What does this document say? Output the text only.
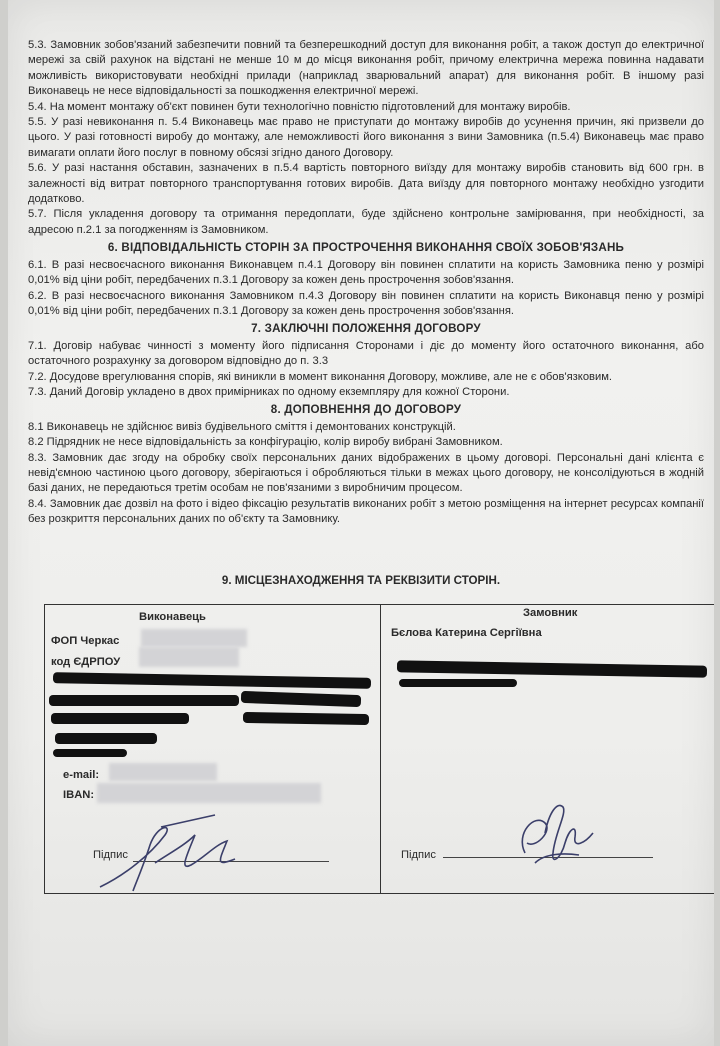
5.3. Замовник зобов'язаний забезпечити повний та безперешкодний доступ для виконання робіт, а також доступ до електричної мережі за свій рахунок на відстані не менше 10 м до місця виконання робіт, причому електрична мережа повинна надавати можливість використовувати необхідні прилади (наприклад зварювальний апарат) для виконання робіт. В іншому разі Виконавець не несе відповідальності за пошкодження електричної мережі.

5.4. На момент монтажу об'єкт повинен бути технологічно повністю підготовлений для монтажу виробів.

5.5. У разі невиконання п. 5.4 Виконавець має право не приступати до монтажу виробів до усунення причин, які призвели до цього. У разі готовності виробу до монтажу, але неможливості його виконання з вини Замовника (п.5.4) Виконавець має право вимагати оплати його послуг в повному обсязі згідно даного Договору.

5.6. У разі настання обставин, зазначених в п.5.4 вартість повторного виїзду для монтажу виробів становить від 600 грн. в залежності від витрат повторного транспортування готових виробів. Дата виїзду для повторного монтажу необхідно узгодити додатково.

5.7. Після укладення договору та отримання передоплати, буде здійснено контрольне замірювання, при необхідності, за адресою п.2.1 за погодженням із Замовником.

6. ВІДПОВІДАЛЬНІСТЬ СТОРІН ЗА ПРОСТРОЧЕННЯ ВИКОНАННЯ СВОЇХ ЗОБОВ'ЯЗАНЬ

6.1. В разі несвоєчасного виконання Виконавцем п.4.1 Договору він повинен сплатити на користь Замовника пеню у розмірі 0,01% від ціни робіт, передбачених п.3.1 Договору за кожен день прострочення зобов'язання.

6.2. В разі несвоєчасного виконання Замовником п.4.3 Договору він повинен сплатити на користь Виконавця пеню у розмірі 0,01% від ціни робіт, передбачених п.3.1 Договору за кожен день прострочення зобов'язання.

7. ЗАКЛЮЧНІ ПОЛОЖЕННЯ ДОГОВОРУ

7.1. Договір набуває чинності з моменту його підписання Сторонами і діє до моменту його остаточного виконання, або остаточного розрахунку за договором відповідно до п. 3.3

7.2. Досудове врегулювання спорів, які виникли в момент виконання Договору, можливе, але не є обов'язковим.

7.3. Даний Договір укладено в двох примірниках по одному екземпляру для кожної Сторони.

8. ДОПОВНЕННЯ ДО ДОГОВОРУ

8.1 Виконавець не здійснює вивіз будівельного сміття і демонтованих конструкцій.

8.2 Підрядник не несе відповідальність за конфігурацію, колір виробу вибрані Замовником.

8.3. Замовник дає згоду на обробку своїх персональних даних відображених в цьому договорі. Персональні дані клієнта є невід'ємною частиною цього договору, зберігаються і обробляються тільки в межах цього договору, не консолідуються в жодній базі даних, не передаються третім особам не пов'язаними з виробничим процесом.

8.4. Замовник дає дозвіл на фото і відео фіксацію результатів виконаних робіт з метою розміщення на інтернет ресурсах компанії без розкриття персональних даних по об'єкту та Замовнику.

9. МІСЦЕЗНАХОДЖЕННЯ ТА РЕКВІЗИТИ СТОРІН.
Виконавець	Замовник
ФОП Черкас
код ЄДРПОУ
e-mail:
IBAN:
Підпис
Бєлова Катерина Сергіївна
Підпис
